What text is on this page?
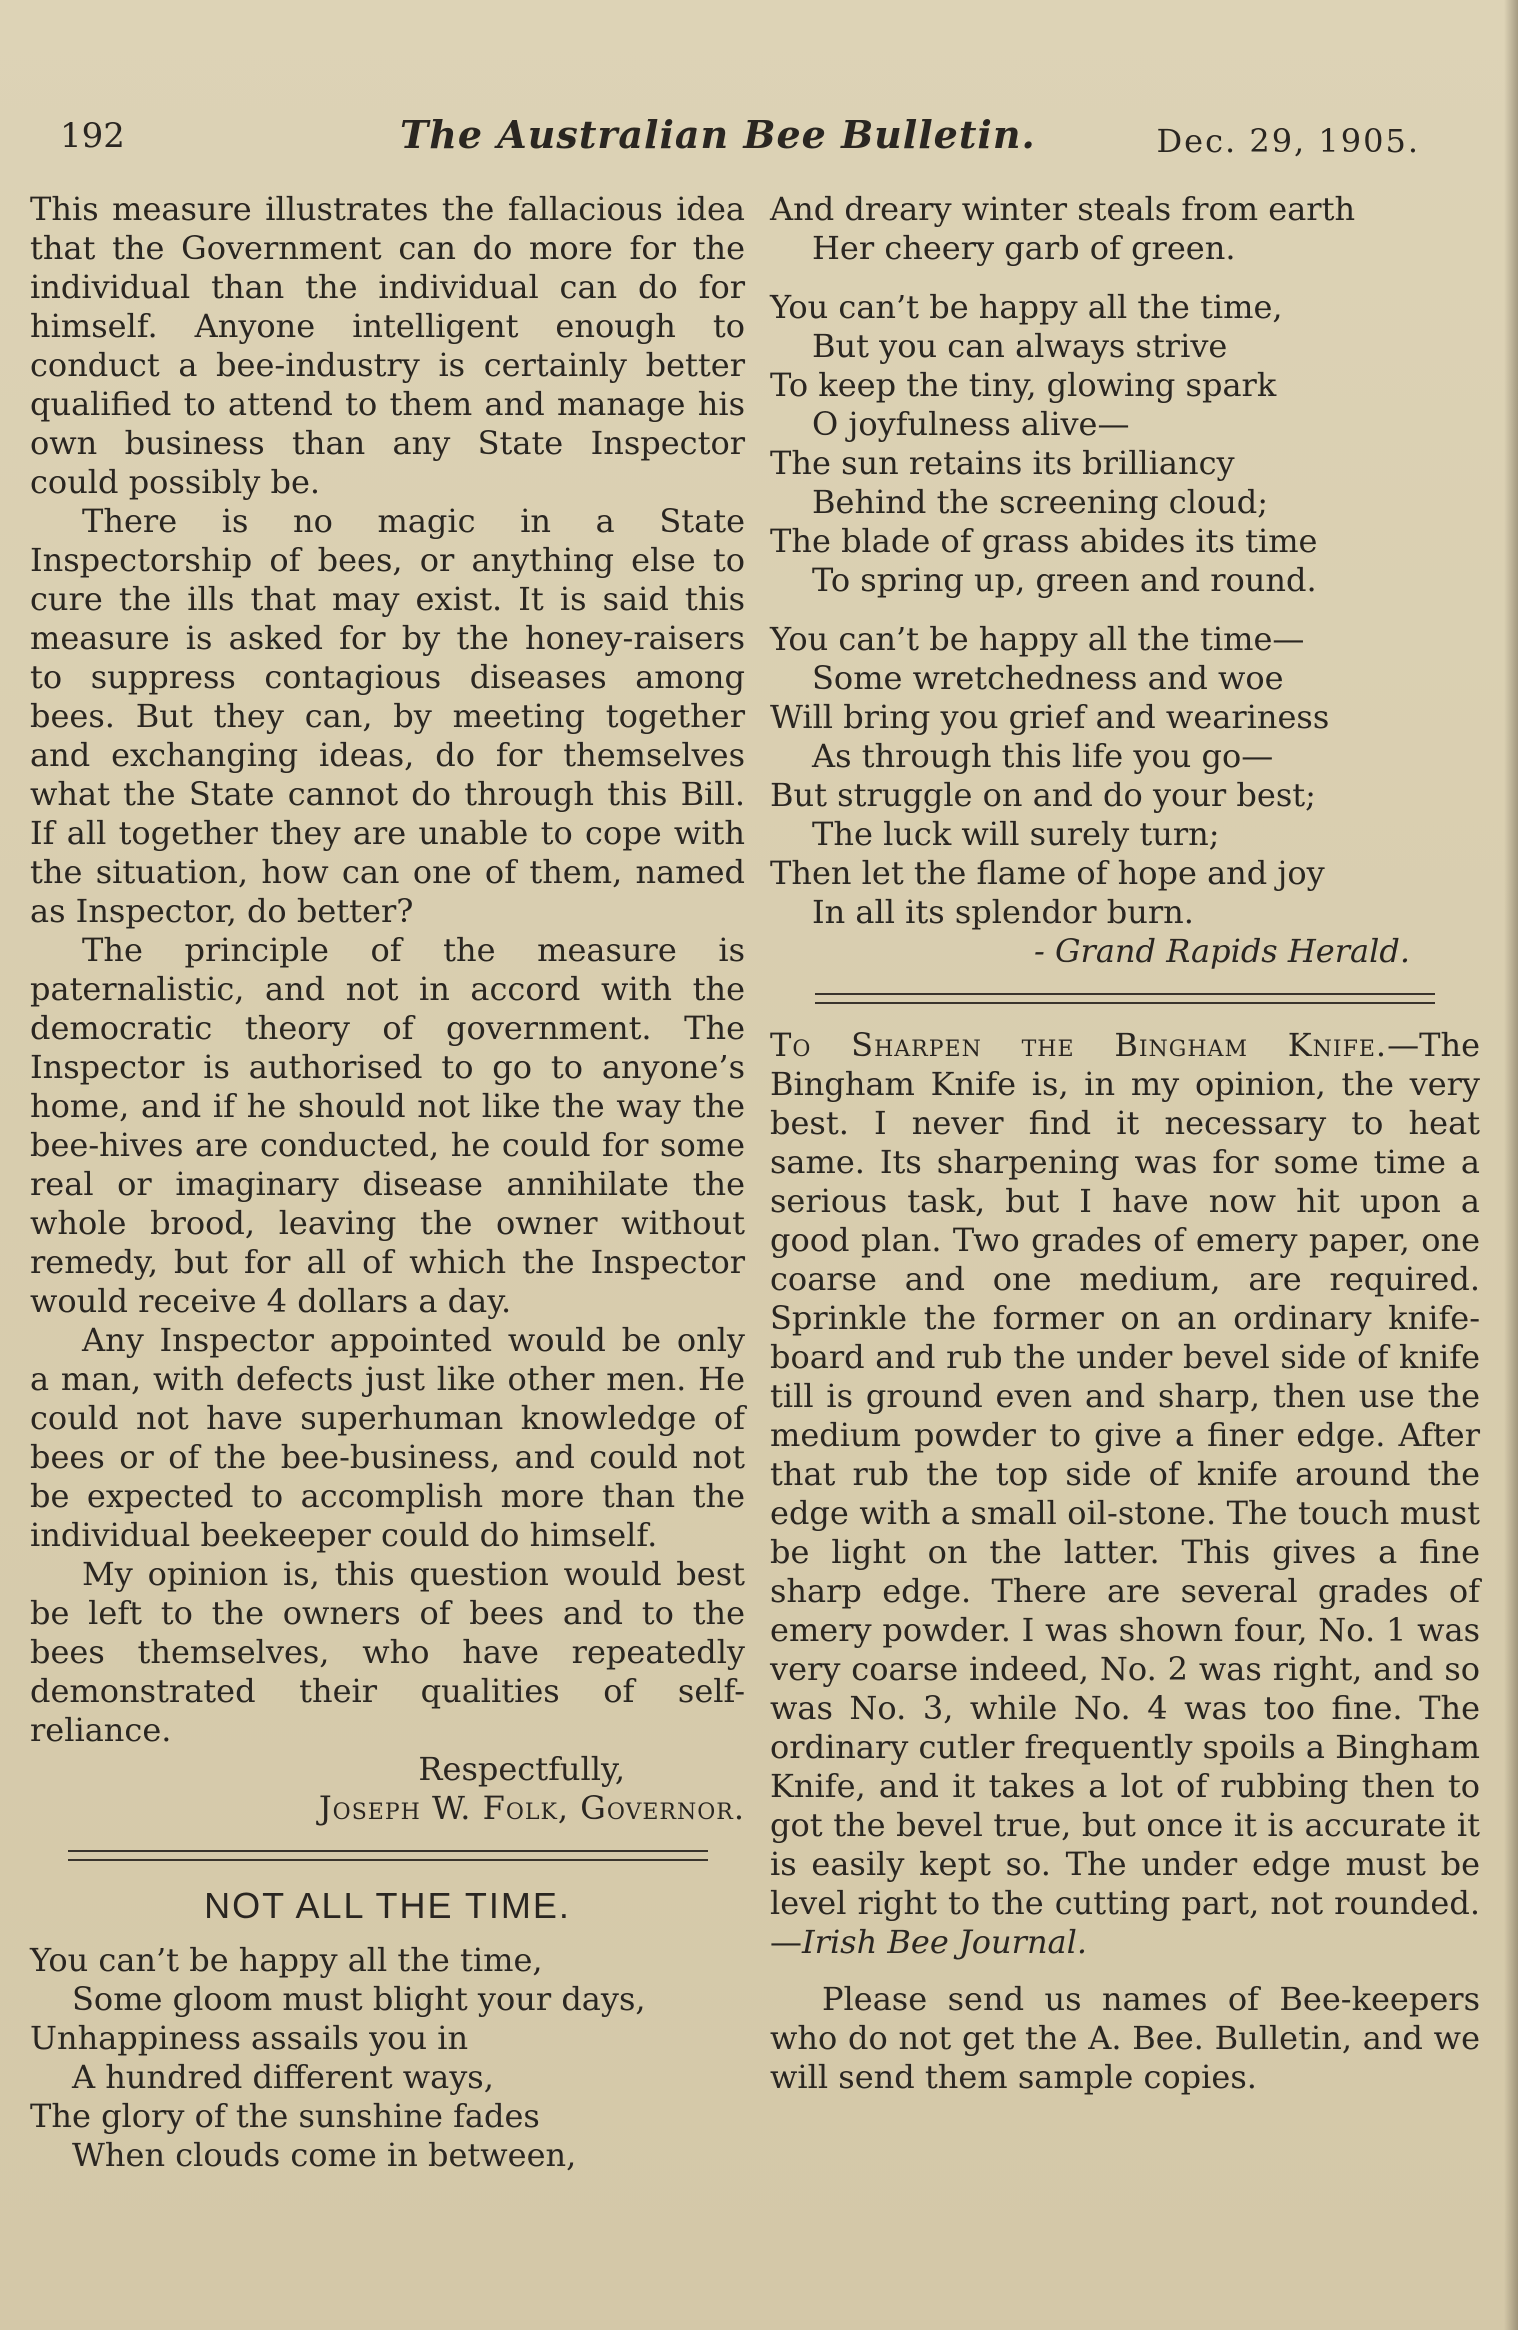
192	The Australian Bee Bulletin.	Dec. 29, 1905.

This measure illustrates the fallacious idea that the Government can do more for the individual than the individual can do for himself. Anyone intelligent enough to conduct a bee-industry is certainly better qualified to attend to them and manage his own business than any State Inspector could possibly be.

There is no magic in a State Inspectorship of bees, or anything else to cure the ills that may exist. It is said this measure is asked for by the honey-raisers to suppress contagious diseases among bees. But they can, by meeting together and exchanging ideas, do for themselves what the State cannot do through this Bill. If all together they are unable to cope with the situation, how can one of them, named as Inspector, do better?

The principle of the measure is paternalistic, and not in accord with the democratic theory of government. The Inspector is authorised to go to anyone’s home, and if he should not like the way the bee-hives are conducted, he could for some real or imaginary disease annihilate the whole brood, leaving the owner without remedy, but for all of which the Inspector would receive 4 dollars a day.

Any Inspector appointed would be only a man, with defects just like other men. He could not have superhuman knowledge of bees or of the bee-business, and could not be expected to accomplish more than the individual beekeeper could do himself.

My opinion is, this question would best be left to the owners of bees and to the bees themselves, who have repeatedly demonstrated their qualities of self-reliance.

Respectfully,

Joseph W. Folk, Governor.

NOT ALL THE TIME.
You can’t be happy all the time,
Some gloom must blight your days,
Unhappiness assails you in
A hundred different ways,
The glory of the sunshine fades
When clouds come in between,
And dreary winter steals from earth
Her cheery garb of green.
You can’t be happy all the time,
But you can always strive
To keep the tiny, glowing spark
O joyfulness alive—
The sun retains its brilliancy
Behind the screening cloud;
The blade of grass abides its time
To spring up, green and round.
You can’t be happy all the time—
Some wretchedness and woe
Will bring you grief and weariness
As through this life you go—
But struggle on and do your best;
The luck will surely turn;
Then let the flame of hope and joy
In all its splendor burn.
- Grand Rapids Herald.

To Sharpen the Bingham Knife.—The Bingham Knife is, in my opinion, the very best. I never find it necessary to heat same. Its sharpening was for some time a serious task, but I have now hit upon a good plan. Two grades of emery paper, one coarse and one medium, are required. Sprinkle the former on an ordinary knife-board and rub the under bevel side of knife till is ground even and sharp, then use the medium powder to give a finer edge. After that rub the top side of knife around the edge with a small oil-stone. The touch must be light on the latter. This gives a fine sharp edge. There are several grades of emery powder. I was shown four, No. 1 was very coarse indeed, No. 2 was right, and so was No. 3, while No. 4 was too fine. The ordinary cutler frequently spoils a Bingham Knife, and it takes a lot of rubbing then to got the bevel true, but once it is accurate it is easily kept so. The under edge must be level right to the cutting part, not rounded.—Irish Bee Journal.

Please send us names of Bee-keepers who do not get the A. Bee. Bulletin, and we will send them sample copies.
